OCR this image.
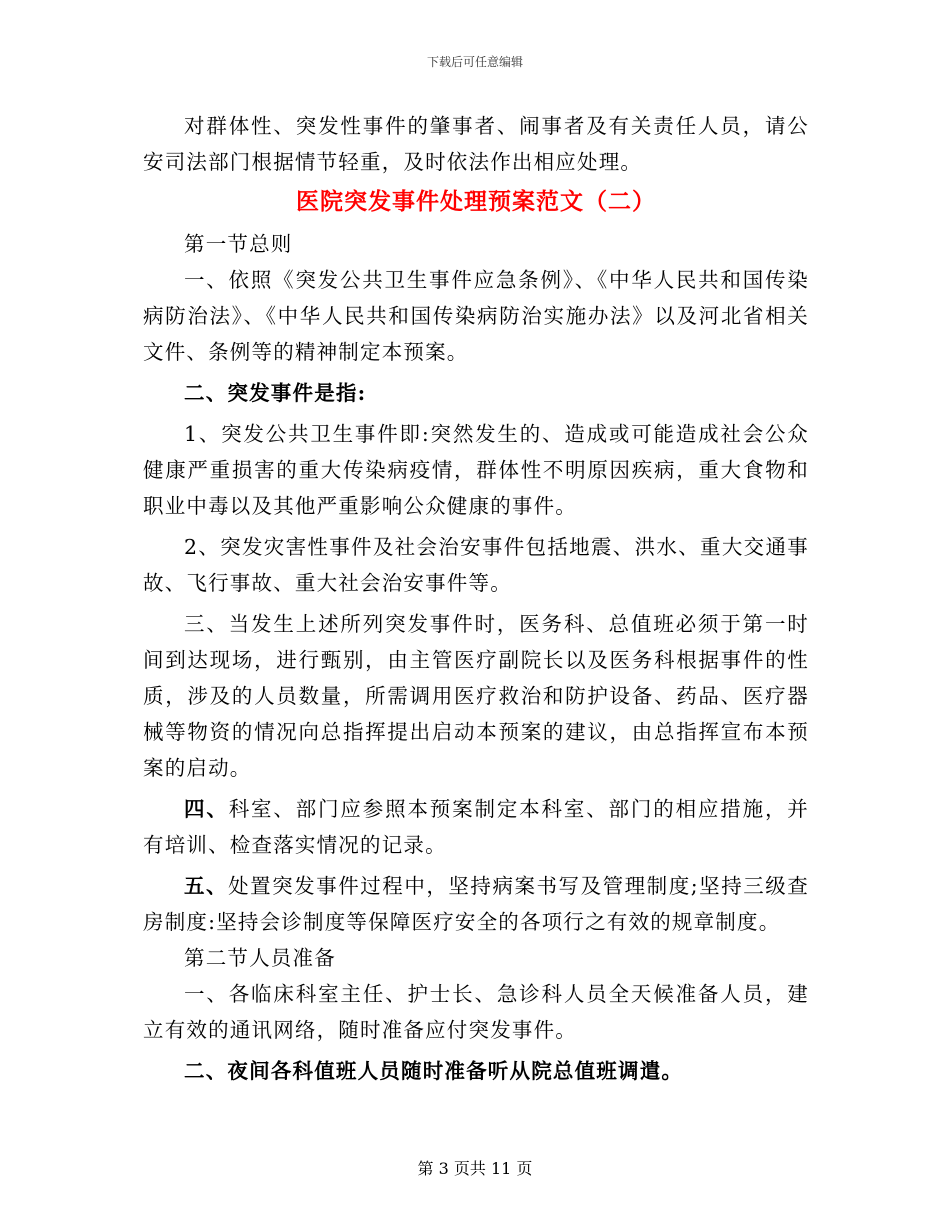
下载后可任意编辑

对群体性、突发性事件的肇事者、闹事者及有关责任人员，请公安司法部门根据情节轻重，及时依法作出相应处理。

医院突发事件处理预案范文（二）

第一节总则

一、依照《突发公共卫生事件应急条例》、《中华人民共和国传染病防治法》、《中华人民共和国传染病防治实施办法》以及河北省相关文件、条例等的精神制定本预案。

二、突发事件是指:

1、突发公共卫生事件即:突然发生的、造成或可能造成社会公众健康严重损害的重大传染病疫情，群体性不明原因疾病，重大食物和职业中毒以及其他严重影响公众健康的事件。

2、突发灾害性事件及社会治安事件包括地震、洪水、重大交通事故、飞行事故、重大社会治安事件等。

三、当发生上述所列突发事件时，医务科、总值班必须于第一时间到达现场，进行甄别，由主管医疗副院长以及医务科根据事件的性质，涉及的人员数量，所需调用医疗救治和防护设备、药品、医疗器械等物资的情况向总指挥提出启动本预案的建议，由总指挥宣布本预案的启动。

四、科室、部门应参照本预案制定本科室、部门的相应措施，并有培训、检查落实情况的记录。

五、处置突发事件过程中，坚持病案书写及管理制度;坚持三级查房制度:坚持会诊制度等保障医疗安全的各项行之有效的规章制度。

第二节人员准备

一、各临床科室主任、护士长、急诊科人员全天候准备人员，建立有效的通讯网络，随时准备应付突发事件。

二、夜间各科值班人员随时准备听从院总值班调遣。

第 3 页共 11 页
